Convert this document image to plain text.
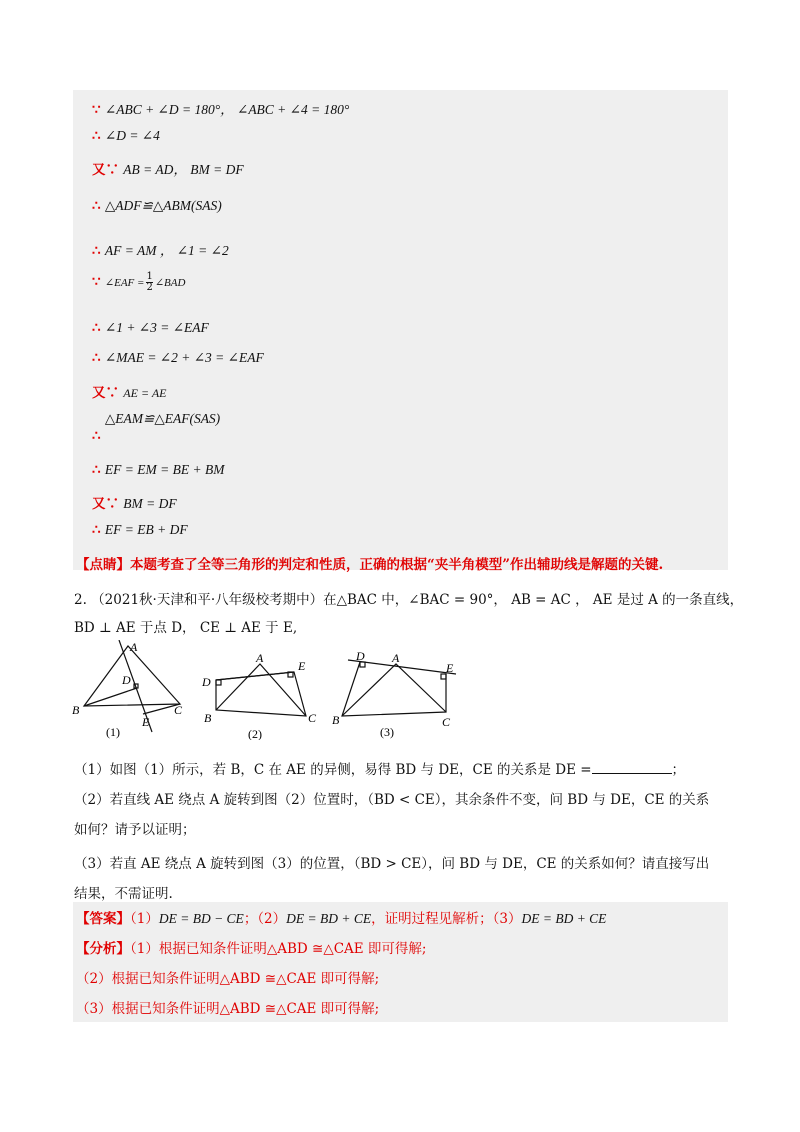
∵ ∠ABC + ∠D = 180°， ∠ABC + ∠4 = 180°
∴ ∠D = ∠4
又∵ AB = AD， BM = DF
∴ △ADF≌△ABM(SAS)
∴ AF = AM ， ∠1 = ∠2
∵ ∠EAF = $\frac{1}{2}$ ∠BAD
∴ ∠1 + ∠3 = ∠EAF
∴ ∠MAE = ∠2 + ∠3 = ∠EAF
又∵ AE = AE
∴ △EAM≌△EAF(SAS)
∴ EF = EM = BE + BM
又∵ BM = DF
∴ EF = EB + DF
【点睛】本题考查了全等三角形的判定和性质，正确的根据“夹半角模型”作出辅助线是解题的关键.
2. （2021秋·天津和平·八年级校考期中）在△BAC 中，∠BAC = 90°， AB = AC ， AE 是过 A 的一条直线，
BD ⊥ AE 于点 D， CE ⊥ AE 于 E,
A
D
B	C
E
(1)
A
D
E
B	C
(2)
D A
E
B	C
(3)
（1）如图（1）所示，若 B，C 在 AE 的异侧，易得 BD 与 DE，CE 的关系是 DE =	；
（2）若直线 AE 绕点 A 旋转到图（2）位置时，（BD < CE），其余条件不变，问 BD 与 DE，CE 的关系
如何？请予以证明；
（3）若直 AE 绕点 A 旋转到图（3）的位置，（BD > CE），问 BD 与 DE，CE 的关系如何？请直接写出
结果，不需证明.
【答案】（1）DE = BD − CE；（2）DE = BD + CE，证明过程见解析；（3）DE = BD + CE
【分析】（1）根据已知条件证明△ABD ≅△CAE 即可得解;
（2）根据已知条件证明△ABD ≅△CAE 即可得解;
（3）根据已知条件证明△ABD ≅△CAE 即可得解;
